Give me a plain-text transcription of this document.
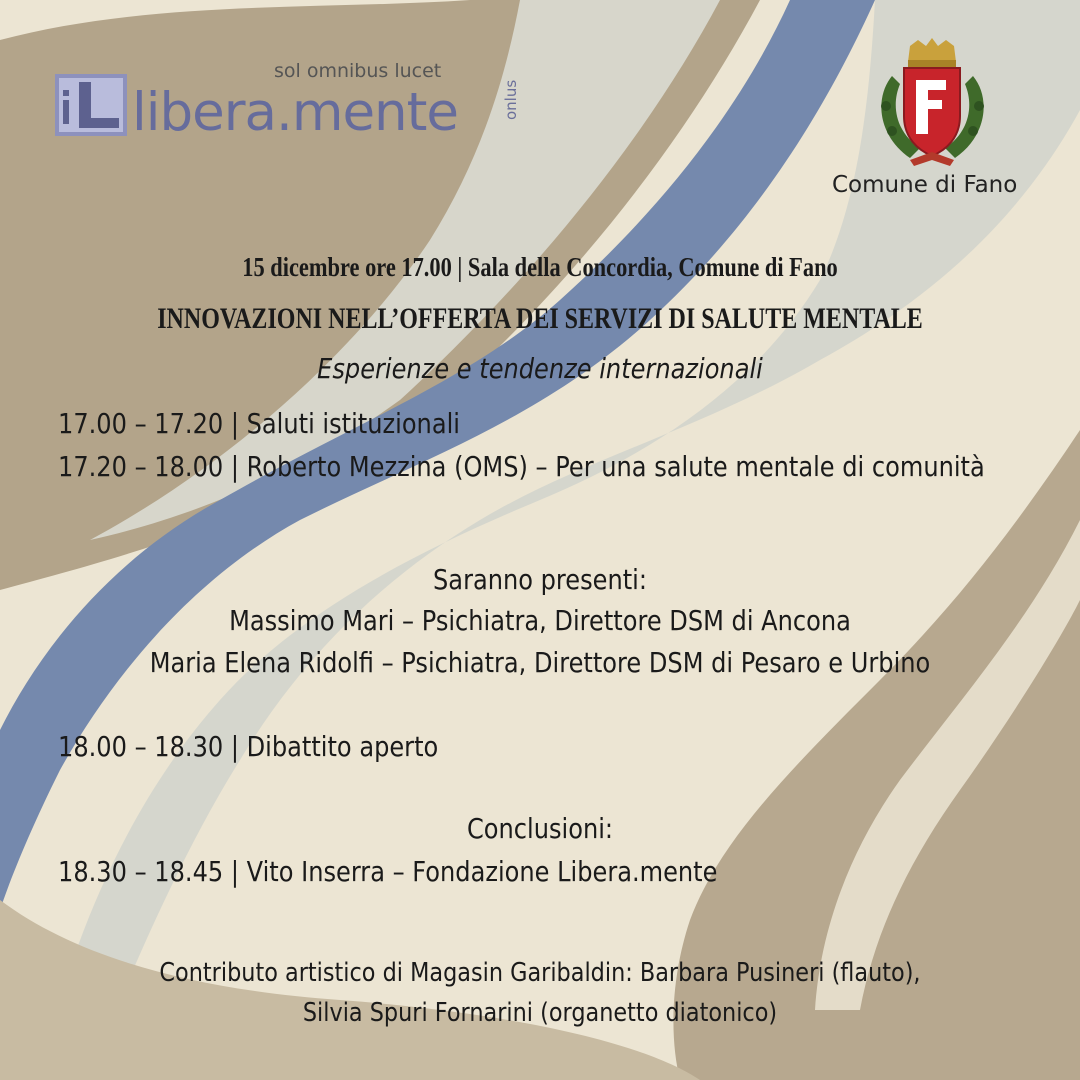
sol omnibus lucet
libera.mente	onlus
Comune di Fano
15 dicembre ore 17.00 | Sala della Concordia, Comune di Fano
INNOVAZIONI NELL’OFFERTA DEI SERVIZI DI SALUTE MENTALE
Esperienze e tendenze internazionali
17.00 – 17.20 | Saluti istituzionali
17.20 – 18.00 | Roberto Mezzina (OMS) – Per una salute mentale di comunità
Saranno presenti:
Massimo Mari – Psichiatra, Direttore DSM di Ancona
Maria Elena Ridolfi – Psichiatra, Direttore DSM di Pesaro e Urbino
18.00 – 18.30 | Dibattito aperto
Conclusioni:
18.30 – 18.45 | Vito Inserra – Fondazione Libera.mente
Contributo artistico di Magasin Garibaldin: Barbara Pusineri (flauto),
Silvia Spuri Fornarini (organetto diatonico)
